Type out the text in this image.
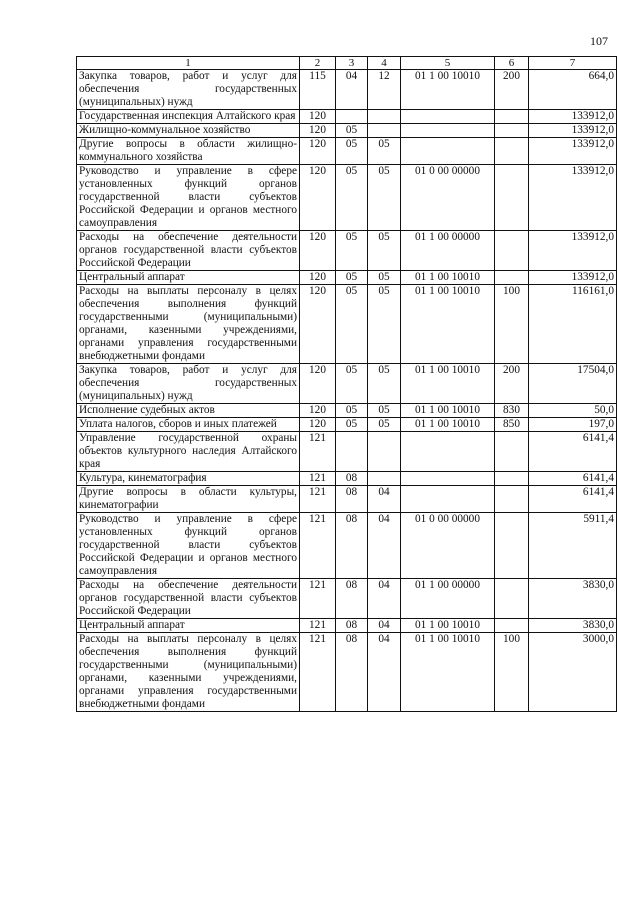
107
1	2	3	4	5	6	7
Закупка товаров, работ и услуг для обеспечения государственных (муниципальных) нужд	115	04	12	01 1 00 10010	200	664,0
Государственная инспекция Алтайского края	120					133912,0
Жилищно-коммунальное хозяйство	120	05				133912,0
Другие вопросы в области жилищно-коммунального хозяйства	120	05	05			133912,0
Руководство и управление в сфере установленных функций органов государственной власти субъектов Российской Федерации и органов местного самоуправления	120	05	05	01 0 00 00000		133912,0
Расходы на обеспечение деятельности органов государственной власти субъектов Российской Федерации	120	05	05	01 1 00 00000		133912,0
Центральный аппарат	120	05	05	01 1 00 10010		133912,0
Расходы на выплаты персоналу в целях обеспечения выполнения функций государственными (муниципальными) органами, казенными учреждениями, органами управления государственными внебюджетными фондами	120	05	05	01 1 00 10010	100	116161,0
Закупка товаров, работ и услуг для обеспечения государственных (муниципальных) нужд	120	05	05	01 1 00 10010	200	17504,0
Исполнение судебных актов	120	05	05	01 1 00 10010	830	50,0
Уплата налогов, сборов и иных платежей	120	05	05	01 1 00 10010	850	197,0
Управление государственной охраны объектов культурного наследия Алтайского края	121					6141,4
Культура, кинематография	121	08				6141,4
Другие вопросы в области культуры, кинематографии	121	08	04			6141,4
Руководство и управление в сфере установленных функций органов государственной власти субъектов Российской Федерации и органов местного самоуправления	121	08	04	01 0 00 00000		5911,4
Расходы на обеспечение деятельности органов государственной власти субъектов Российской Федерации	121	08	04	01 1 00 00000		3830,0
Центральный аппарат	121	08	04	01 1 00 10010		3830,0
Расходы на выплаты персоналу в целях обеспечения выполнения функций государственными (муниципальными) органами, казенными учреждениями, органами управления государственными внебюджетными фондами	121	08	04	01 1 00 10010	100	3000,0
